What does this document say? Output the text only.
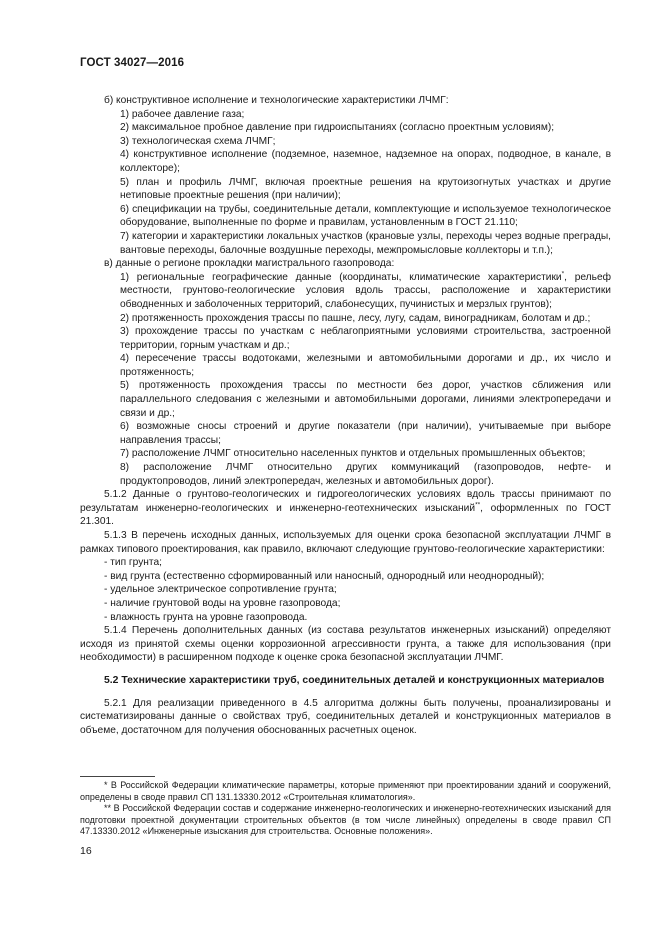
ГОСТ 34027—2016

б) конструктивное исполнение и технологические характеристики ЛЧМГ:

1) рабочее давление газа;

2) максимальное пробное давление при гидроиспытаниях (согласно проектным условиям);

3) технологическая схема ЛЧМГ;

4) конструктивное исполнение (подземное, наземное, надземное на опорах, подводное, в канале, в коллекторе);

5) план и профиль ЛЧМГ, включая проектные решения на крутоизогнутых участках и другие нетиповые проектные решения (при наличии);

6) спецификации на трубы, соединительные детали, комплектующие и используемое технологическое оборудование, выполненные по форме и правилам, установленным в ГОСТ 21.110;

7) категории и характеристики локальных участков (крановые узлы, переходы через водные преграды, вантовые переходы, балочные воздушные переходы, межпромысловые коллекторы и т.п.);

в) данные о регионе прокладки магистрального газопровода:

1) региональные географические данные (координаты, климатические характеристики*, рельеф местности, грунтово-геологические условия вдоль трассы, расположение и характеристики обводненных и заболоченных территорий, слабонесущих, пучинистых и мерзлых грунтов);

2) протяженность прохождения трассы по пашне, лесу, лугу, садам, виноградникам, болотам и др.;

3) прохождение трассы по участкам с неблагоприятными условиями строительства, застроенной территории, горным участкам и др.;

4) пересечение трассы водотоками, железными и автомобильными дорогами и др., их число и протяженность;

5) протяженность прохождения трассы по местности без дорог, участков сближения или параллельного следования с железными и автомобильными дорогами, линиями электропередачи и связи и др.;

6) возможные сносы строений и другие показатели (при наличии), учитываемые при выборе направления трассы;

7) расположение ЛЧМГ относительно населенных пунктов и отдельных промышленных объектов;

8) расположение ЛЧМГ относительно других коммуникаций (газопроводов, нефте- и продуктопроводов, линий электропередач, железных и автомобильных дорог).

5.1.2 Данные о грунтово-геологических и гидрогеологических условиях вдоль трассы принимают по результатам инженерно-геологических и инженерно-геотехнических изысканий**, оформленных по ГОСТ 21.301.

5.1.3 В перечень исходных данных, используемых для оценки срока безопасной эксплуатации ЛЧМГ в рамках типового проектирования, как правило, включают следующие грунтово-геологические характеристики:

- тип грунта;

- вид грунта (естественно сформированный или наносный, однородный или неоднородный);

- удельное электрическое сопротивление грунта;

- наличие грунтовой воды на уровне газопровода;

- влажность грунта на уровне газопровода.

5.1.4 Перечень дополнительных данных (из состава результатов инженерных изысканий) определяют исходя из принятой схемы оценки коррозионной агрессивности грунта, а также для использования (при необходимости) в расширенном подходе к оценке срока безопасной эксплуатации ЛЧМГ.

5.2 Технические характеристики труб, соединительных деталей и конструкционных материалов

5.2.1 Для реализации приведенного в 4.5 алгоритма должны быть получены, проанализированы и систематизированы данные о свойствах труб, соединительных деталей и конструкционных материалов в объеме, достаточном для получения обоснованных расчетных оценок.

* В Российской Федерации климатические параметры, которые применяют при проектировании зданий и сооружений, определены в своде правил СП 131.13330.2012 «Строительная климатология».

** В Российской Федерации состав и содержание инженерно-геологических и инженерно-геотехнических изысканий для подготовки проектной документации строительных объектов (в том числе линейных) определены в своде правил СП 47.13330.2012 «Инженерные изыскания для строительства. Основные положения».

16
